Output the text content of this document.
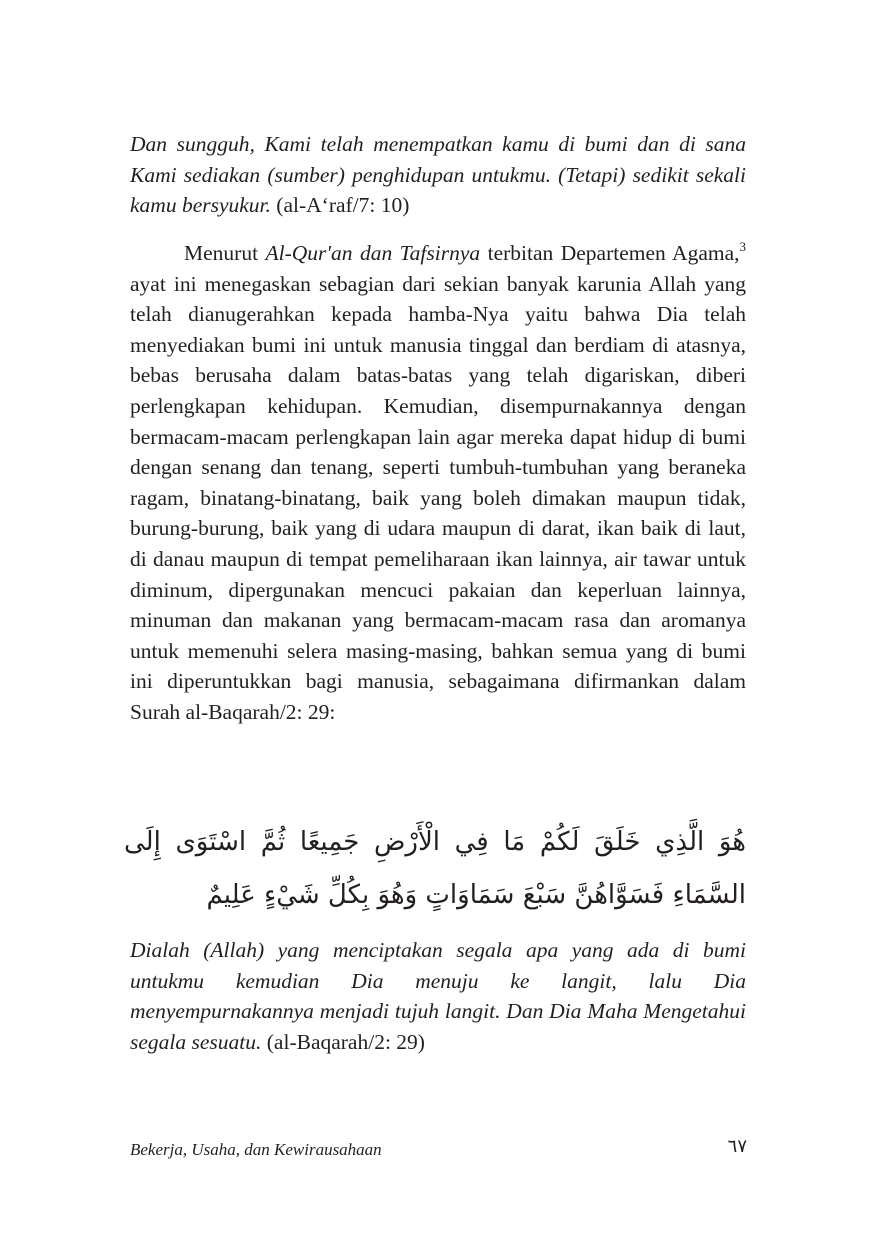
Dan sungguh, Kami telah menempatkan kamu di bumi dan di sana Kami sediakan (sumber) penghidupan untukmu. (Tetapi) sedikit sekali kamu bersyukur. (al-A‘raf/7: 10)

Menurut Al-Qur'an dan Tafsirnya terbitan Departemen Agama,$^3$ ayat ini menegaskan sebagian dari sekian banyak karunia Allah yang telah dianugerahkan kepada hamba-Nya yaitu bahwa Dia telah menyediakan bumi ini untuk manusia tinggal dan berdiam di atasnya, bebas berusaha dalam batas-batas yang telah digariskan, diberi perlengkapan kehidupan. Kemudian, disempurnakannya dengan bermacam-macam perlengkapan lain agar mereka dapat hidup di bumi dengan senang dan tenang, seperti tumbuh-tumbuhan yang beraneka ragam, binatang-binatang, baik yang boleh dimakan maupun tidak, burung-burung, baik yang di udara maupun di darat, ikan baik di laut, di danau maupun di tempat pemeliharaan ikan lainnya, air tawar untuk diminum, dipergunakan mencuci pakaian dan keperluan lainnya, minuman dan makanan yang bermacam-macam rasa dan aromanya untuk memenuhi selera masing-masing, bahkan semua yang di bumi ini diperuntukkan bagi manusia, sebagaimana difirmankan dalam Surah al-Baqarah/2: 29:

هُوَ الَّذِي خَلَقَ لَكُمْ مَا فِي الْأَرْضِ جَمِيعًا ثُمَّ اسْتَوَى إِلَى السَّمَاءِ فَسَوَّاهُنَّ سَبْعَ سَمَاوَاتٍ وَهُوَ بِكُلِّ شَيْءٍ عَلِيمٌ

Dialah (Allah) yang menciptakan segala apa yang ada di bumi untukmu kemudian Dia menuju ke langit, lalu Dia menyempurnakannya menjadi tujuh langit. Dan Dia Maha Mengetahui segala sesuatu. (al-Baqarah/2: 29)

Bekerja, Usaha, dan Kewirausahaan	٦٧
